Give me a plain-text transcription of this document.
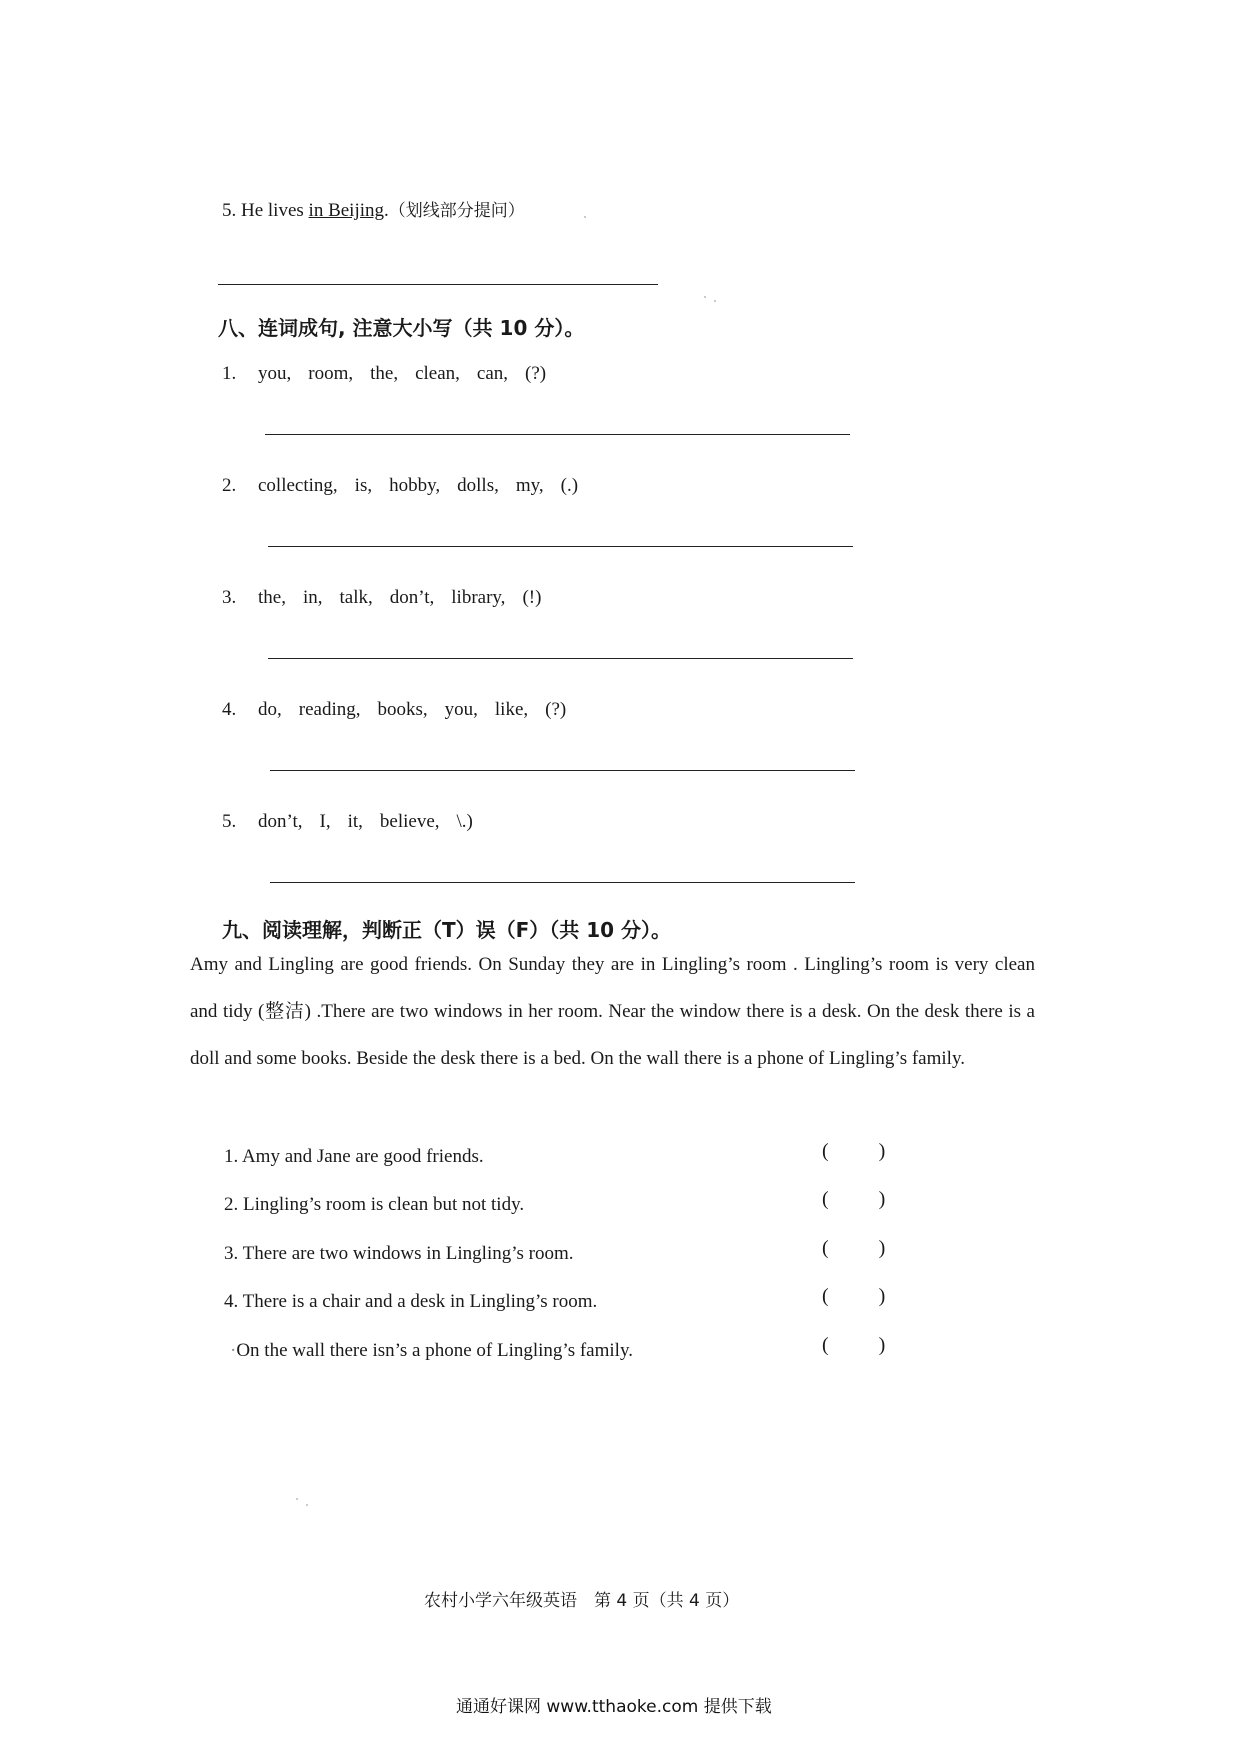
5. He lives in Beijing.（划线部分提问）
八、连词成句, 注意大小写（共 10 分）。
1. you, room, the, clean, can, (?)
2. collecting, is, hobby, dolls, my, (.)
3. the, in, talk, don’t, library, (!)
4. do, reading, books, you, like, (?)
5. don’t, I, it, believe, \.)
九、阅读理解，判断正（T）误（F）（共 10 分）。
Amy and Lingling are good friends. On Sunday they are in Lingling’s room . Lingling’s room is very clean and tidy (整洁) .There are two windows in her room. Near the window there is a desk. On the desk there is a doll and some books. Beside the desk there is a bed. On the wall there is a phone of Lingling’s family.
1. Amy and Jane are good friends.	(	)
2. Lingling’s room is clean but not tidy.	(	)
3. There are two windows in Lingling’s room.	(	)
4. There is a chair and a desk in Lingling’s room.	(	)
·On the wall there isn’s a phone of Lingling’s family.	(	)
农村小学六年级英语　第 4 页（共 4 页）
通通好课网 www.tthaoke.com 提供下载
